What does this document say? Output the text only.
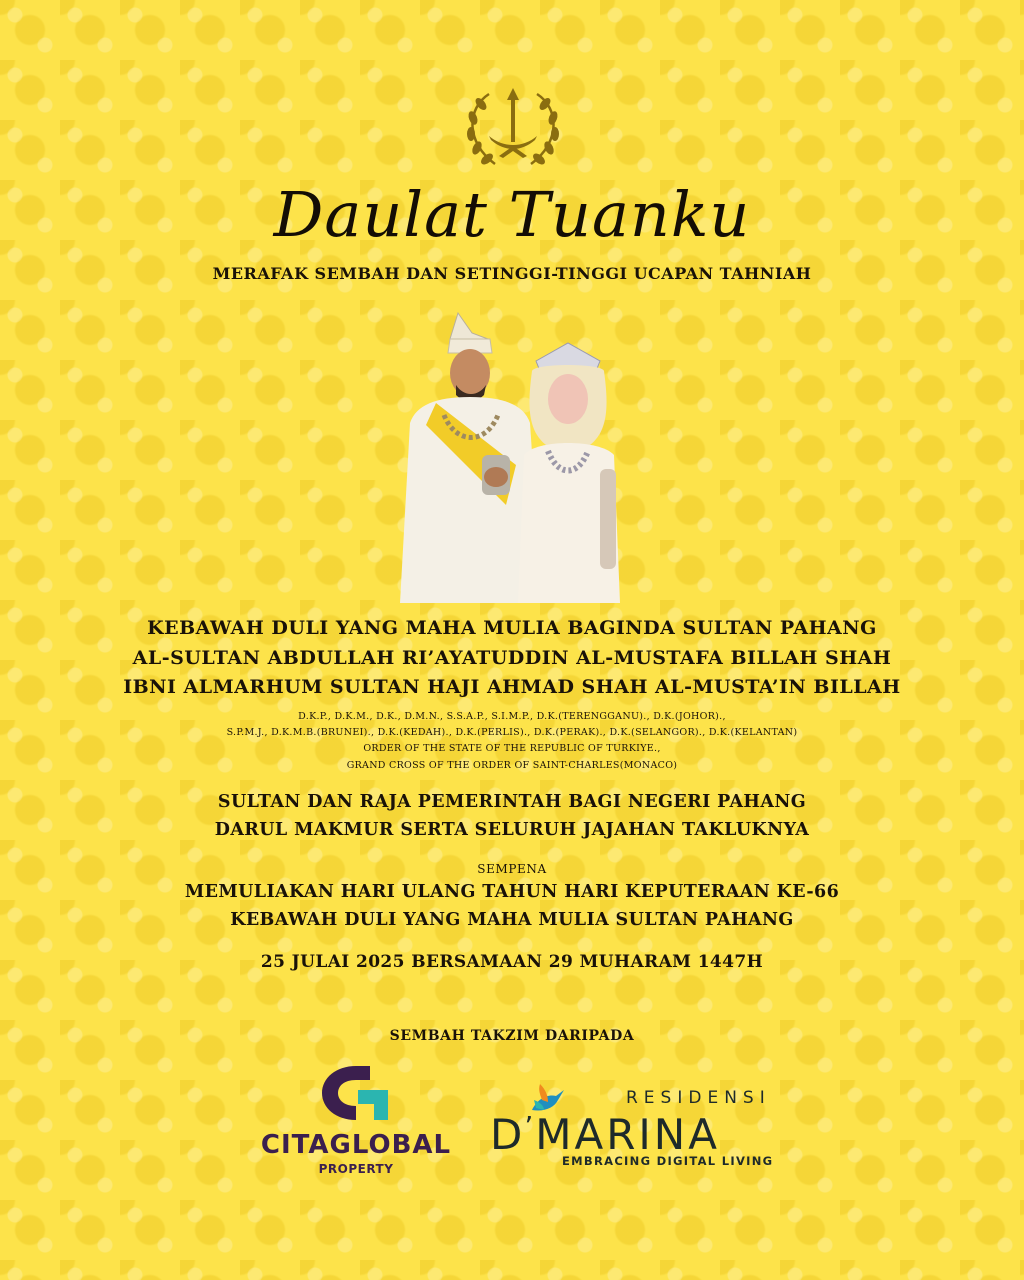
Daulat Tuanku
MERAFAK SEMBAH DAN SETINGGI-TINGGI UCAPAN TAHNIAH
KEBAWAH DULI YANG MAHA MULIA BAGINDA SULTAN PAHANG
AL-SULTAN ABDULLAH RI’AYATUDDIN AL-MUSTAFA BILLAH SHAH
IBNI ALMARHUM SULTAN HAJI AHMAD SHAH AL-MUSTA’IN BILLAH
D.K.P., D.K.M., D.K., D.M.N., S.S.A.P., S.I.M.P., D.K.(TERENGGANU)., D.K.(JOHOR).,
S.P.M.J., D.K.M.B.(BRUNEI)., D.K.(KEDAH)., D.K.(PERLIS)., D.K.(PERAK)., D.K.(SELANGOR)., D.K.(KELANTAN)
ORDER OF THE STATE OF THE REPUBLIC OF TURKIYE.,
GRAND CROSS OF THE ORDER OF SAINT-CHARLES(MONACO)
SULTAN DAN RAJA PEMERINTAH BAGI NEGERI PAHANG
DARUL MAKMUR SERTA SELURUH JAJAHAN TAKLUKNYA
SEMPENA
MEMULIAKAN HARI ULANG TAHUN HARI KEPUTERAAN KE-66
KEBAWAH DULI YANG MAHA MULIA SULTAN PAHANG
25 JULAI 2025 BERSAMAAN 29 MUHARAM 1447H
SEMBAH TAKZIM DARIPADA
CITAGLOBAL
PROPERTY
RESIDENSI
D’MARINA
EMBRACING DIGITAL LIVING
